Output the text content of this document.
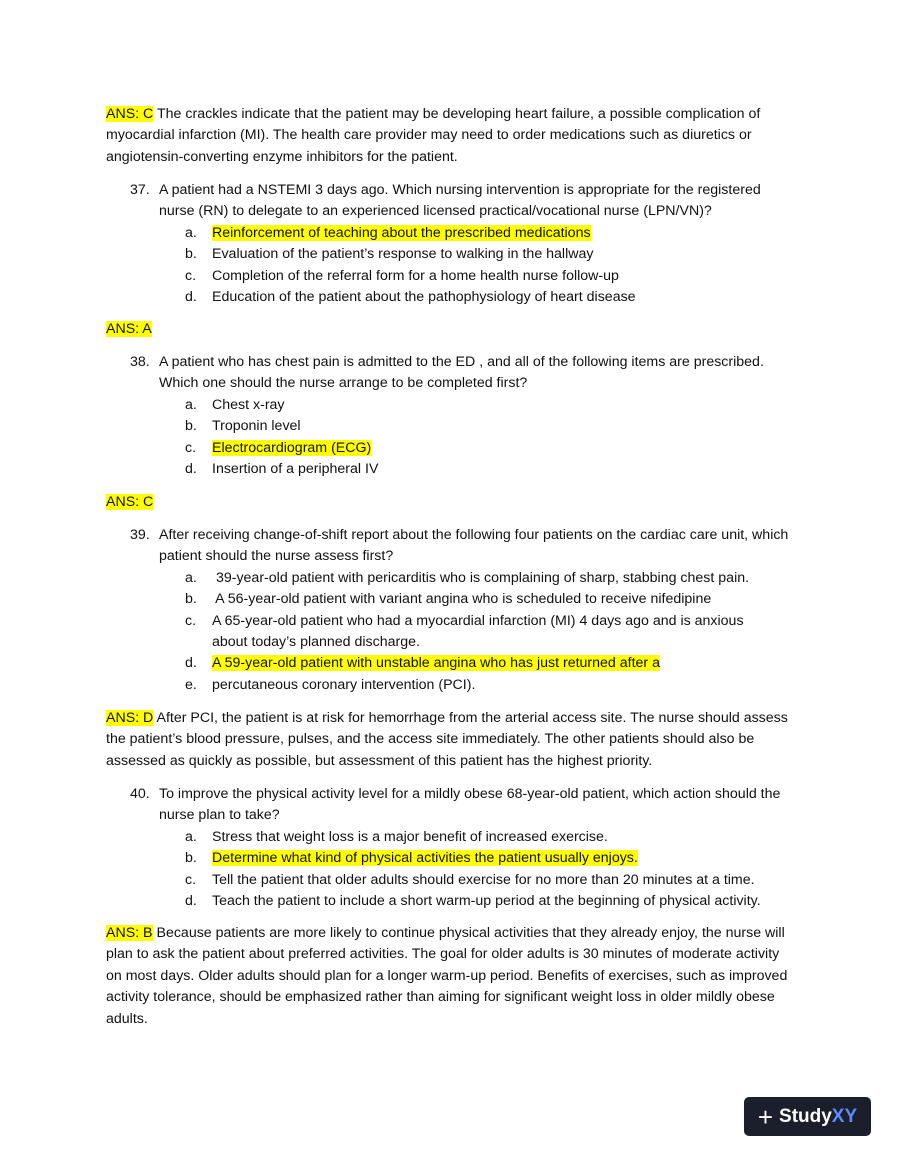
ANS: C The crackles indicate that the patient may be developing heart failure, a possible complication of myocardial infarction (MI). The health care provider may need to order medications such as diuretics or angiotensin-converting enzyme inhibitors for the patient.
37. A patient had a NSTEMI 3 days ago. Which nursing intervention is appropriate for the registered nurse (RN) to delegate to an experienced licensed practical/vocational nurse (LPN/VN)?
a. Reinforcement of teaching about the prescribed medications
b. Evaluation of the patient’s response to walking in the hallway
c. Completion of the referral form for a home health nurse follow-up
d. Education of the patient about the pathophysiology of heart disease
ANS: A
38. A patient who has chest pain is admitted to the ED , and all of the following items are prescribed. Which one should the nurse arrange to be completed first?
a. Chest x-ray
b. Troponin level
c. Electrocardiogram (ECG)
d. Insertion of a peripheral IV
ANS: C
39. After receiving change-of-shift report about the following four patients on the cardiac care unit, which patient should the nurse assess first?
a. 39-year-old patient with pericarditis who is complaining of sharp, stabbing chest pain.
b. A 56-year-old patient with variant angina who is scheduled to receive nifedipine
c. A 65-year-old patient who had a myocardial infarction (MI) 4 days ago and is anxious about today’s planned discharge.
d. A 59-year-old patient with unstable angina who has just returned after a
e. percutaneous coronary intervention (PCI).
ANS: D After PCI, the patient is at risk for hemorrhage from the arterial access site. The nurse should assess the patient’s blood pressure, pulses, and the access site immediately. The other patients should also be assessed as quickly as possible, but assessment of this patient has the highest priority.
40. To improve the physical activity level for a mildly obese 68-year-old patient, which action should the nurse plan to take?
a. Stress that weight loss is a major benefit of increased exercise.
b. Determine what kind of physical activities the patient usually enjoys.
c. Tell the patient that older adults should exercise for no more than 20 minutes at a time.
d. Teach the patient to include a short warm-up period at the beginning of physical activity.
ANS: B Because patients are more likely to continue physical activities that they already enjoy, the nurse will plan to ask the patient about preferred activities. The goal for older adults is 30 minutes of moderate activity on most days. Older adults should plan for a longer warm-up period. Benefits of exercises, such as improved activity tolerance, should be emphasized rather than aiming for significant weight loss in older mildly obese adults.
+ Study XY
